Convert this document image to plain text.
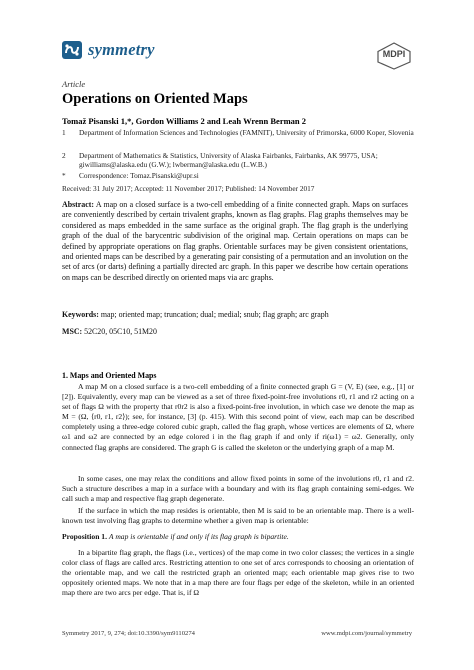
symmetry	MDPI
Article
Operations on Oriented Maps
Tomaž Pisanski 1,*, Gordon Williams 2 and Leah Wrenn Berman 2
1 Department of Information Sciences and Technologies (FAMNIT), University of Primorska, 6000 Koper, Slovenia
2 Department of Mathematics & Statistics, University of Alaska Fairbanks, Fairbanks, AK 99775, USA; giwilliams@alaska.edu (G.W.); lwberman@alaska.edu (L.W.B.)
* Correspondence: Tomaz.Pisanski@upr.si
Received: 31 July 2017; Accepted: 11 November 2017; Published: 14 November 2017
Abstract: A map on a closed surface is a two-cell embedding of a finite connected graph. Maps on surfaces are conveniently described by certain trivalent graphs, known as flag graphs. Flag graphs themselves may be considered as maps embedded in the same surface as the original graph. The flag graph is the underlying graph of the dual of the barycentric subdivision of the original map. Certain operations on maps can be defined by appropriate operations on flag graphs. Orientable surfaces may be given consistent orientations, and oriented maps can be described by a generating pair consisting of a permutation and an involution on the set of arcs (or darts) defining a partially directed arc graph. In this paper we describe how certain operations on maps can be described directly on oriented maps via arc graphs.
Keywords: map; oriented map; truncation; dual; medial; snub; flag graph; arc graph
MSC: 52C20, 05C10, 51M20
1. Maps and Oriented Maps
A map M on a closed surface is a two-cell embedding of a finite connected graph G = (V, E) (see, e.g., [1] or [2]). Equivalently, every map can be viewed as a set of three fixed-point-free involutions r0, r1 and r2 acting on a set of flags Ω with the property that r0r2 is also a fixed-point-free involution, in which case we denote the map as M = (Ω, ⟨r0, r1, r2⟩); see, for instance, [3] (p. 415). With this second point of view, each map can be described completely using a three-edge colored cubic graph, called the flag graph, whose vertices are elements of Ω, where ω1 and ω2 are connected by an edge colored i in the flag graph if and only if ri(ω1) = ω2. Generally, only connected flag graphs are considered. The graph G is called the skeleton or the underlying graph of a map M.
In some cases, one may relax the conditions and allow fixed points in some of the involutions r0, r1 and r2. Such a structure describes a map in a surface with a boundary and with its flag graph containing semi-edges. We call such a map and respective flag graph degenerate.
If the surface in which the map resides is orientable, then M is said to be an orientable map. There is a well-known test involving flag graphs to determine whether a given map is orientable:
Proposition 1. A map is orientable if and only if its flag graph is bipartite.
In a bipartite flag graph, the flags (i.e., vertices) of the map come in two color classes; the vertices in a single color class of flags are called arcs. Restricting attention to one set of arcs corresponds to choosing an orientation of the orientable map, and we call the restricted graph an oriented map; each orientable map gives rise to two oppositely oriented maps. We note that in a map there are four flags per edge of the skeleton, while in an oriented map there are two arcs per edge. That is, if Ω
Symmetry 2017, 9, 274; doi:10.3390/sym9110274	www.mdpi.com/journal/symmetry
